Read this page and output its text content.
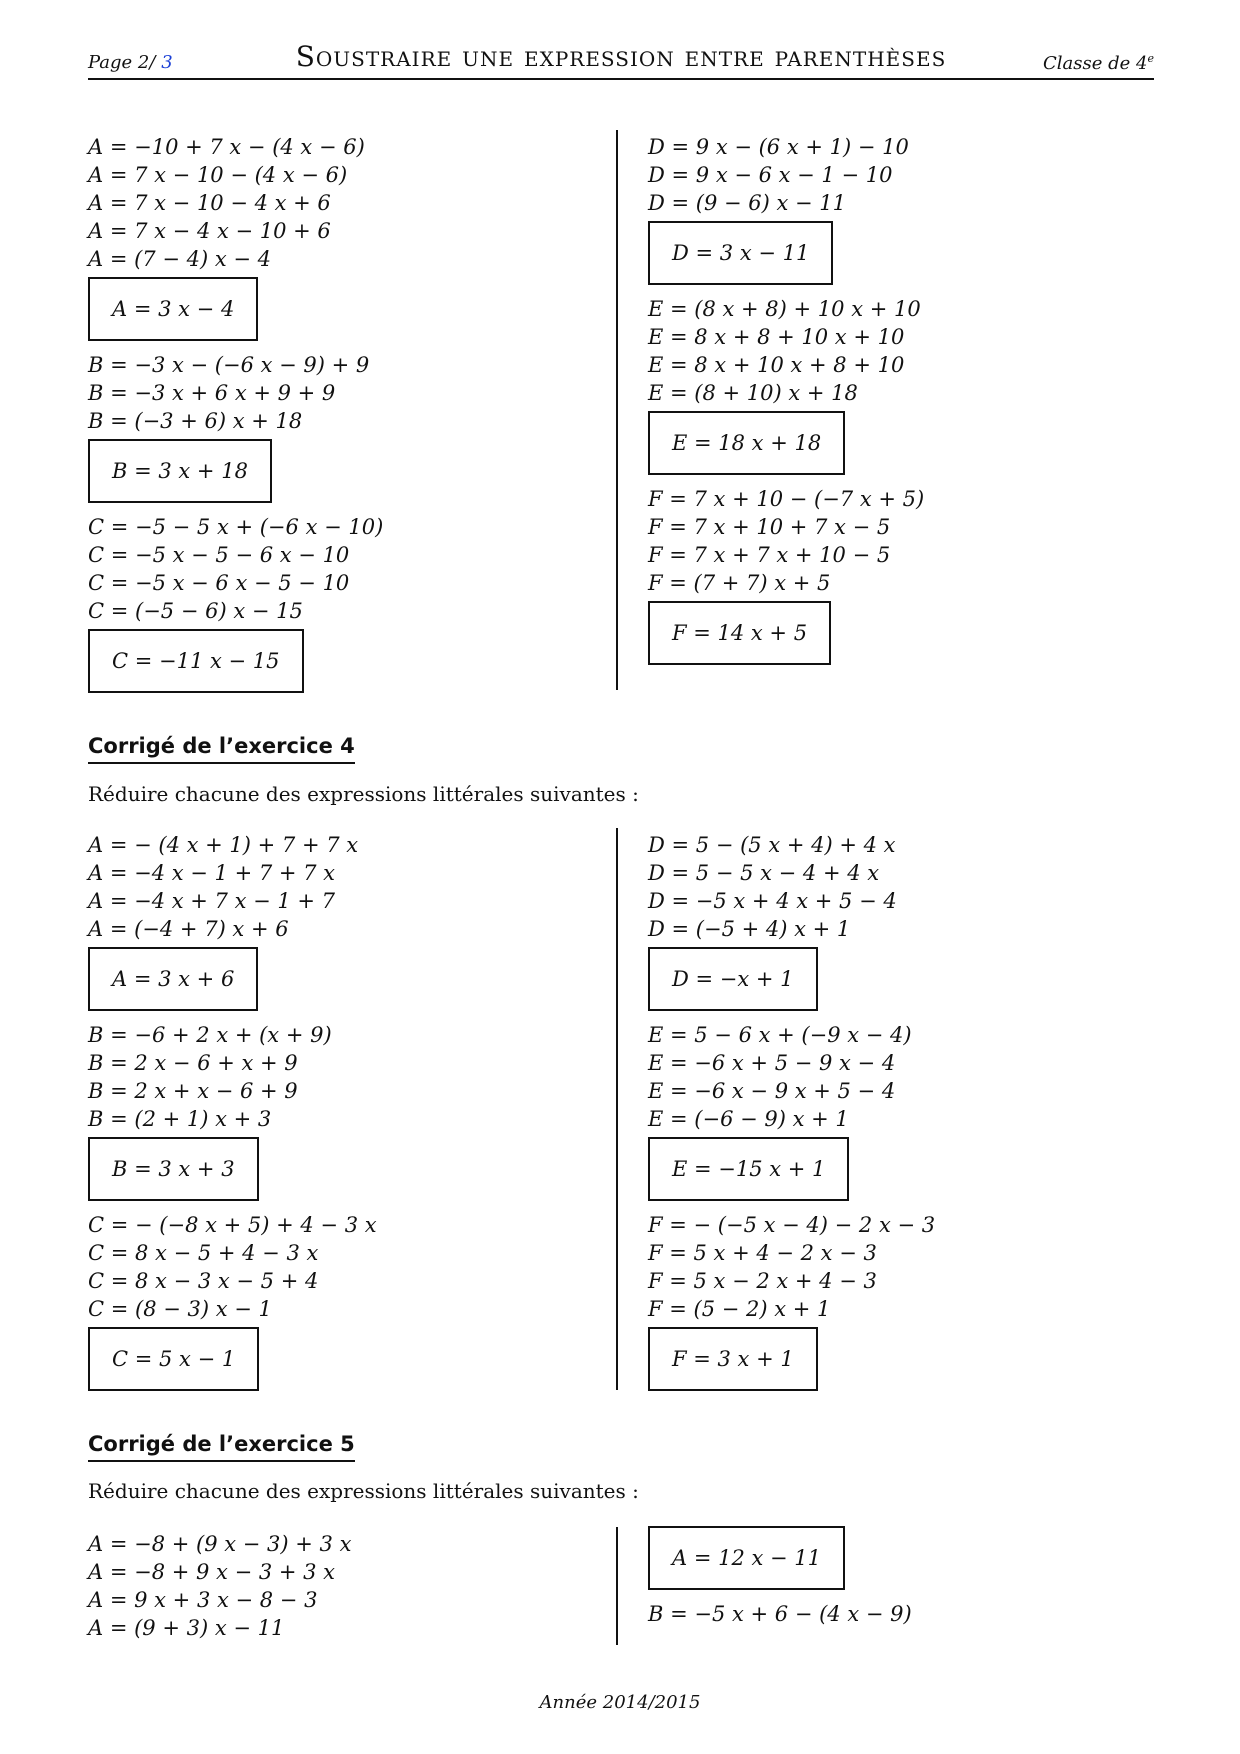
Page 2/ 3	Soustraire une expression entre parenthèses	Classe de 4e
A = −10 + 7 x − (4 x − 6)
A = 7 x − 10 − (4 x − 6)
A = 7 x − 10 − 4 x + 6
A = 7 x − 4 x − 10 + 6
A = (7 − 4) x − 4
A = 3 x − 4
B = −3 x − (−6 x − 9) + 9
B = −3 x + 6 x + 9 + 9
B = (−3 + 6) x + 18
B = 3 x + 18
C = −5 − 5 x + (−6 x − 10)
C = −5 x − 5 − 6 x − 10
C = −5 x − 6 x − 5 − 10
C = (−5 − 6) x − 15
C = −11 x − 15
D = 9 x − (6 x + 1) − 10
D = 9 x − 6 x − 1 − 10
D = (9 − 6) x − 11
D = 3 x − 11
E = (8 x + 8) + 10 x + 10
E = 8 x + 8 + 10 x + 10
E = 8 x + 10 x + 8 + 10
E = (8 + 10) x + 18
E = 18 x + 18
F = 7 x + 10 − (−7 x + 5)
F = 7 x + 10 + 7 x − 5
F = 7 x + 7 x + 10 − 5
F = (7 + 7) x + 5
F = 14 x + 5
Corrigé de l’exercice 4
Réduire chacune des expressions littérales suivantes :
A = − (4 x + 1) + 7 + 7 x
A = −4 x − 1 + 7 + 7 x
A = −4 x + 7 x − 1 + 7
A = (−4 + 7) x + 6
A = 3 x + 6
B = −6 + 2 x + (x + 9)
B = 2 x − 6 + x + 9
B = 2 x + x − 6 + 9
B = (2 + 1) x + 3
B = 3 x + 3
C = − (−8 x + 5) + 4 − 3 x
C = 8 x − 5 + 4 − 3 x
C = 8 x − 3 x − 5 + 4
C = (8 − 3) x − 1
C = 5 x − 1
D = 5 − (5 x + 4) + 4 x
D = 5 − 5 x − 4 + 4 x
D = −5 x + 4 x + 5 − 4
D = (−5 + 4) x + 1
D = −x + 1
E = 5 − 6 x + (−9 x − 4)
E = −6 x + 5 − 9 x − 4
E = −6 x − 9 x + 5 − 4
E = (−6 − 9) x + 1
E = −15 x + 1
F = − (−5 x − 4) − 2 x − 3
F = 5 x + 4 − 2 x − 3
F = 5 x − 2 x + 4 − 3
F = (5 − 2) x + 1
F = 3 x + 1
Corrigé de l’exercice 5
Réduire chacune des expressions littérales suivantes :
A = −8 + (9 x − 3) + 3 x
A = −8 + 9 x − 3 + 3 x
A = 9 x + 3 x − 8 − 3
A = (9 + 3) x − 11
A = 12 x − 11
B = −5 x + 6 − (4 x − 9)
Année 2014/2015
